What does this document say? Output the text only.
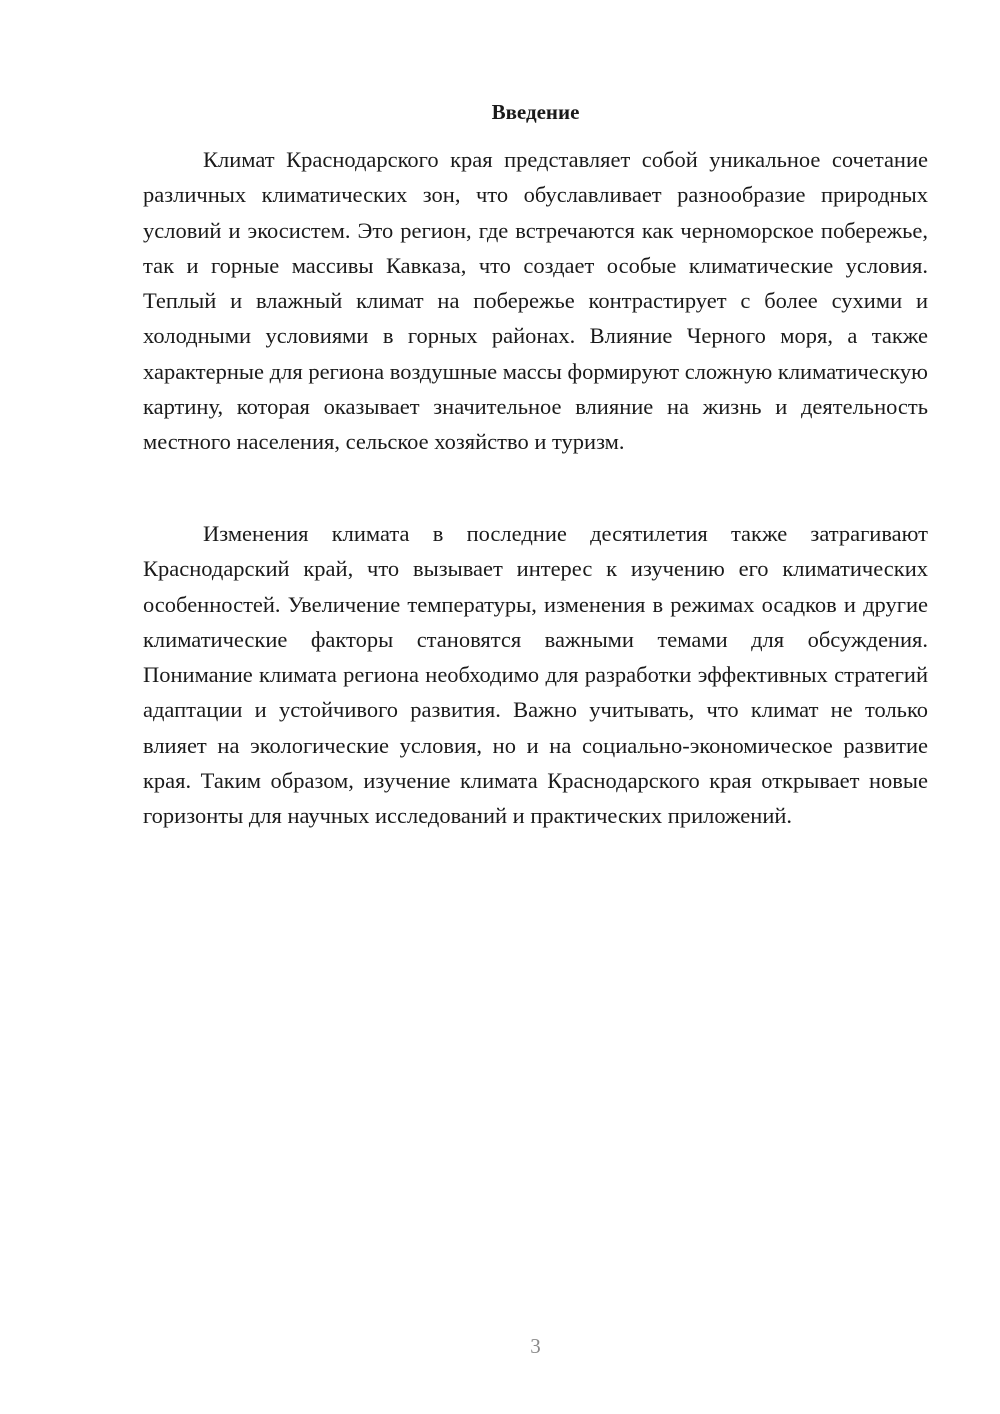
Введение

Климат Краснодарского края представляет собой уникальное сочетание различных климатических зон, что обуславливает разнообразие природных условий и экосистем. Это регион, где встречаются как черноморское побережье, так и горные массивы Кавказа, что создает особые климатические условия. Теплый и влажный климат на побережье контрастирует с более сухими и холодными условиями в горных районах. Влияние Черного моря, а также характерные для региона воздушные массы формируют сложную климатическую картину, которая оказывает значительное влияние на жизнь и деятельность местного населения, сельское хозяйство и туризм.

Изменения климата в последние десятилетия также затрагивают Краснодарский край, что вызывает интерес к изучению его климатических особенностей. Увеличение температуры, изменения в режимах осадков и другие климатические факторы становятся важными темами для обсуждения. Понимание климата региона необходимо для разработки эффективных стратегий адаптации и устойчивого развития. Важно учитывать, что климат не только влияет на экологические условия, но и на социально-экономическое развитие края. Таким образом, изучение климата Краснодарского края открывает новые горизонты для научных исследований и практических приложений.

3
